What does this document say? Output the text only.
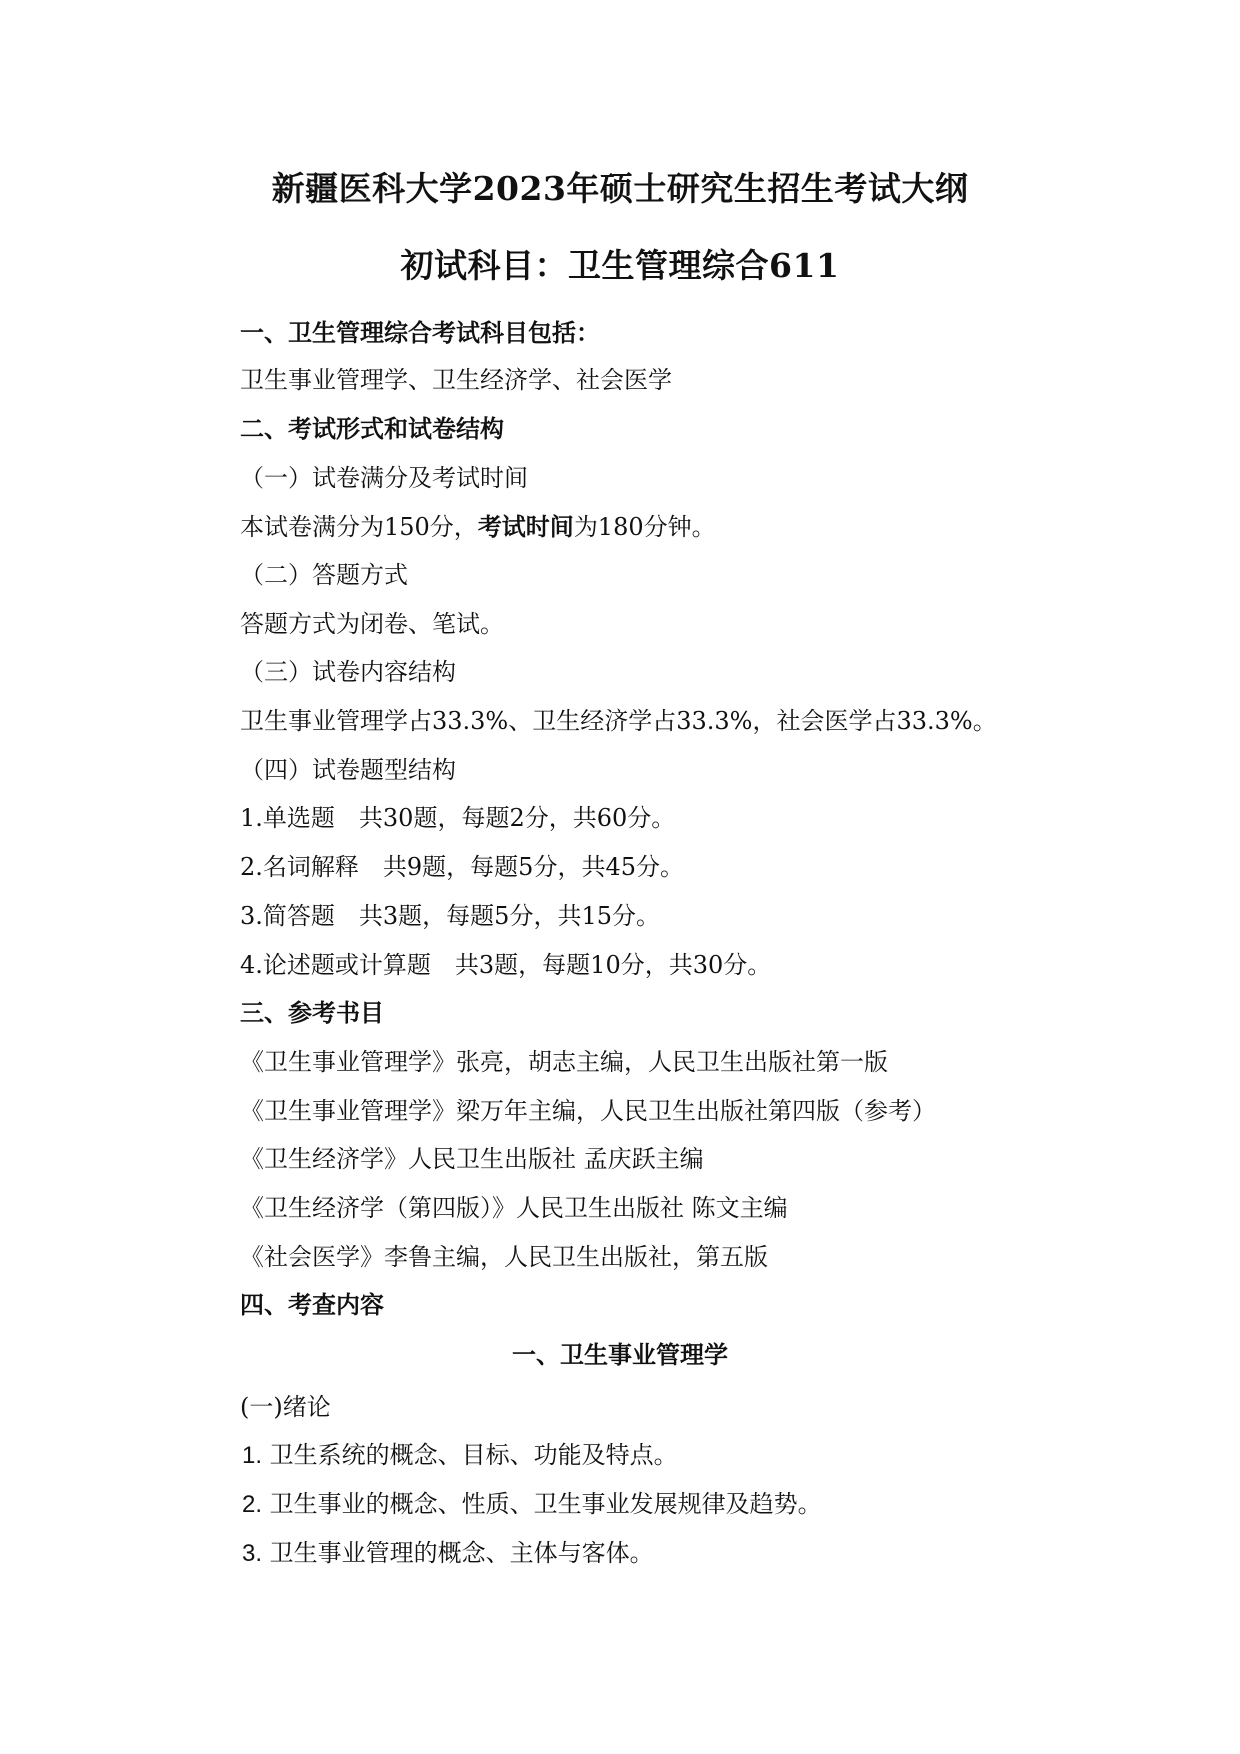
新疆医科大学2023年硕士研究生招生考试大纲
初试科目：卫生管理综合611
一、卫生管理综合考试科目包括：
卫生事业管理学、卫生经济学、社会医学
二、考试形式和试卷结构
（一）试卷满分及考试时间
本试卷满分为150分，考试时间为180分钟。
（二）答题方式
答题方式为闭卷、笔试。
（三）试卷内容结构
卫生事业管理学占33.3%、卫生经济学占33.3%，社会医学占33.3%。
（四）试卷题型结构
1.单选题 共30题，每题2分，共60分。
2.名词解释 共9题，每题5分，共45分。
3.简答题 共3题，每题5分，共15分。
4.论述题或计算题 共3题，每题10分，共30分。
三、参考书目
《卫生事业管理学》张亮，胡志主编，人民卫生出版社第一版
《卫生事业管理学》梁万年主编，人民卫生出版社第四版（参考）
《卫生经济学》人民卫生出版社 孟庆跃主编
《卫生经济学（第四版）》人民卫生出版社 陈文主编
《社会医学》李鲁主编，人民卫生出版社，第五版
四、考查内容
一、卫生事业管理学
(一)绪论
1. 卫生系统的概念、目标、功能及特点。
2. 卫生事业的概念、性质、卫生事业发展规律及趋势。
3. 卫生事业管理的概念、主体与客体。
